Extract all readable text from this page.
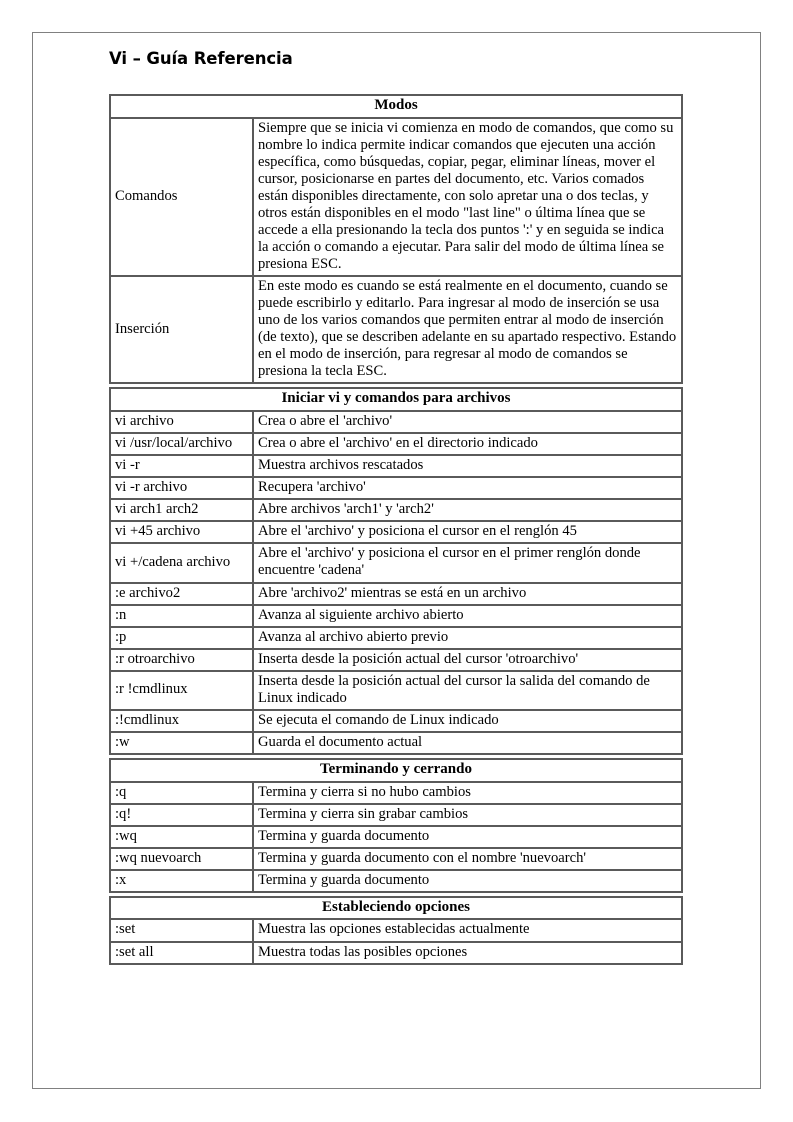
Vi – Guía Referencia
Modos	
Comandos	Siempre que se inicia vi comienza en modo de comandos, que como su nombre lo indica permite indicar comandos que ejecuten una acción específica, como búsquedas, copiar, pegar, eliminar líneas, mover el cursor, posicionarse en partes del documento, etc. Varios comados están disponibles directamente, con solo apretar una o dos teclas, y otros están disponibles en el modo "last line" o última línea que se accede a ella presionando la tecla dos puntos ':' y en seguida se indica la acción o comando a ejecutar. Para salir del modo de última línea se presiona ESC.
Inserción	En este modo es cuando se está realmente en el documento, cuando se puede escribirlo y editarlo. Para ingresar al modo de inserción se usa uno de los varios comandos que permiten entrar al modo de inserción (de texto), que se describen adelante en su apartado respectivo. Estando en el modo de inserción, para regresar al modo de comandos se presiona la tecla ESC.
Iniciar vi y comandos para archivos	
vi archivo	Crea o abre el 'archivo'
vi /usr/local/archivo	Crea o abre el 'archivo' en el directorio indicado
vi -r	Muestra archivos rescatados
vi -r archivo	Recupera 'archivo'
vi arch1 arch2	Abre archivos 'arch1' y 'arch2'
vi +45 archivo	Abre el 'archivo' y posiciona el cursor en el renglón 45
vi +/cadena archivo	Abre el 'archivo' y posiciona el cursor en el primer renglón donde encuentre 'cadena'
:e archivo2	Abre 'archivo2' mientras se está en un archivo
:n	Avanza al siguiente archivo abierto
:p	Avanza al archivo abierto previo
:r otroarchivo	Inserta desde la posición actual del cursor 'otroarchivo'
:r !cmdlinux	Inserta desde la posición actual del cursor la salida del comando de Linux indicado
:!cmdlinux	Se ejecuta el comando de Linux indicado
:w	Guarda el documento actual
Terminando y cerrando	
:q	Termina y cierra si no hubo cambios
:q!	Termina y cierra sin grabar cambios
:wq	Termina y guarda documento
:wq nuevoarch	Termina y guarda documento con el nombre 'nuevoarch'
:x	Termina y guarda documento
Estableciendo opciones	
:set	Muestra las opciones establecidas actualmente
:set all	Muestra todas las posibles opciones
